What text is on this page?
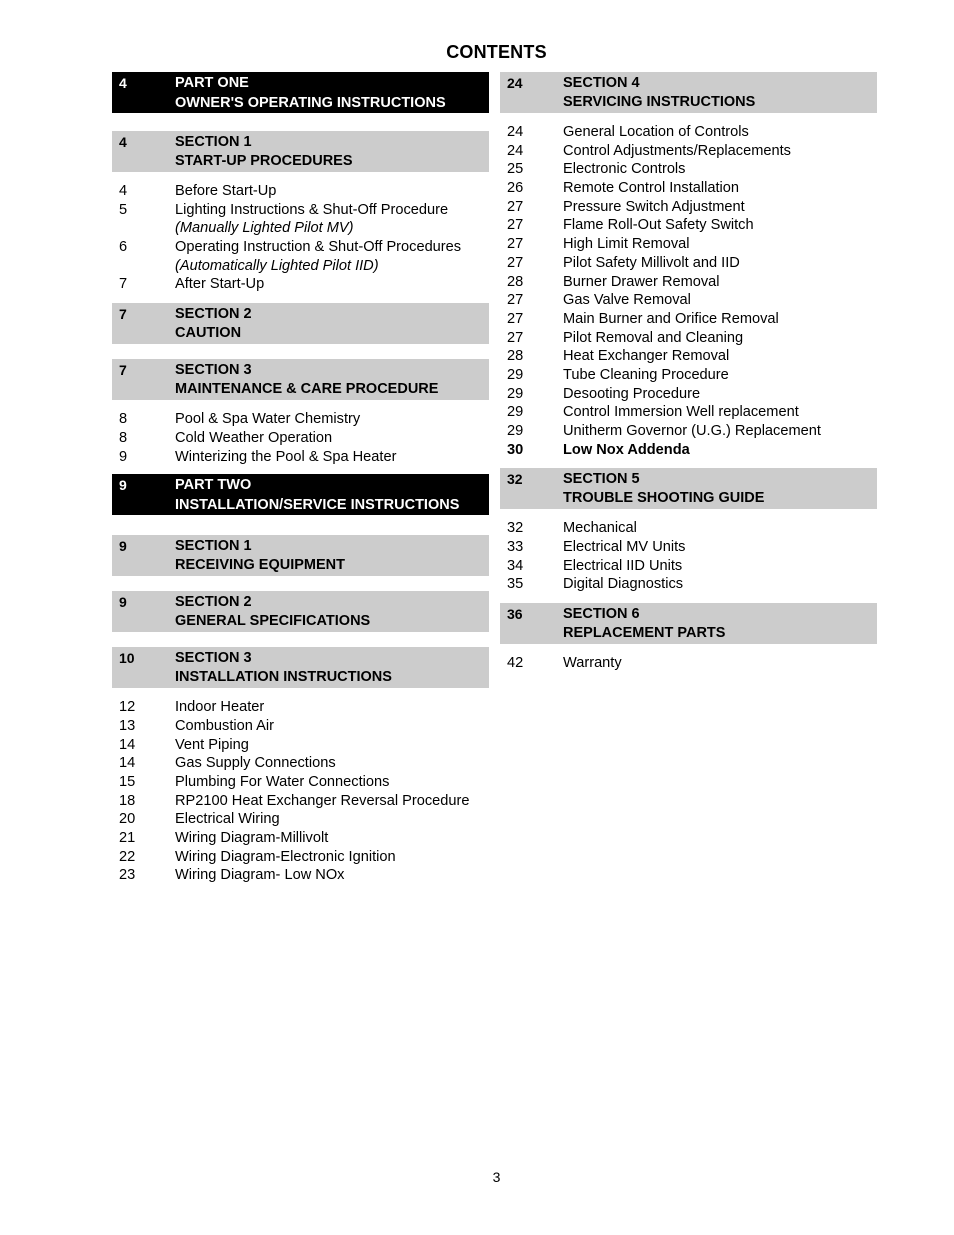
CONTENTS
4	PART ONE
OWNER'S OPERATING INSTRUCTIONS
4	SECTION 1
START-UP PROCEDURES
4	Before Start-Up
5	Lighting Instructions & Shut-Off Procedure
(Manually Lighted Pilot MV)
6	Operating Instruction & Shut-Off Procedures
(Automatically Lighted Pilot IID)
7	After Start-Up
7	SECTION 2
CAUTION
7	SECTION 3
MAINTENANCE & CARE PROCEDURE
8	Pool & Spa Water Chemistry
8	Cold Weather Operation
9	Winterizing the Pool & Spa Heater
9	PART TWO
INSTALLATION/SERVICE INSTRUCTIONS
9	SECTION 1
RECEIVING EQUIPMENT
9	SECTION 2
GENERAL SPECIFICATIONS
10	SECTION 3
INSTALLATION INSTRUCTIONS
12	Indoor Heater
13	Combustion Air
14	Vent Piping
14	Gas Supply Connections
15	Plumbing For Water Connections
18	RP2100 Heat Exchanger Reversal Procedure
20	Electrical Wiring
21	Wiring Diagram-Millivolt
22	Wiring Diagram-Electronic Ignition
23	Wiring Diagram- Low NOx
24	SECTION 4
SERVICING INSTRUCTIONS
24	General Location of Controls
24	Control Adjustments/Replacements
25	Electronic Controls
26	Remote Control Installation
27	Pressure Switch Adjustment
27	Flame Roll-Out Safety Switch
27	High Limit Removal
27	Pilot Safety Millivolt and IID
28	Burner Drawer Removal
27	Gas Valve Removal
27	Main Burner and Orifice Removal
27	Pilot Removal and Cleaning
28	Heat Exchanger Removal
29	Tube Cleaning Procedure
29	Desooting Procedure
29	Control Immersion Well replacement
29	Unitherm Governor (U.G.) Replacement
30	Low Nox Addenda
32	SECTION 5
TROUBLE SHOOTING GUIDE
32	Mechanical
33	Electrical MV Units
34	Electrical IID Units
35	Digital Diagnostics
36	SECTION 6
REPLACEMENT PARTS
42	Warranty
3
